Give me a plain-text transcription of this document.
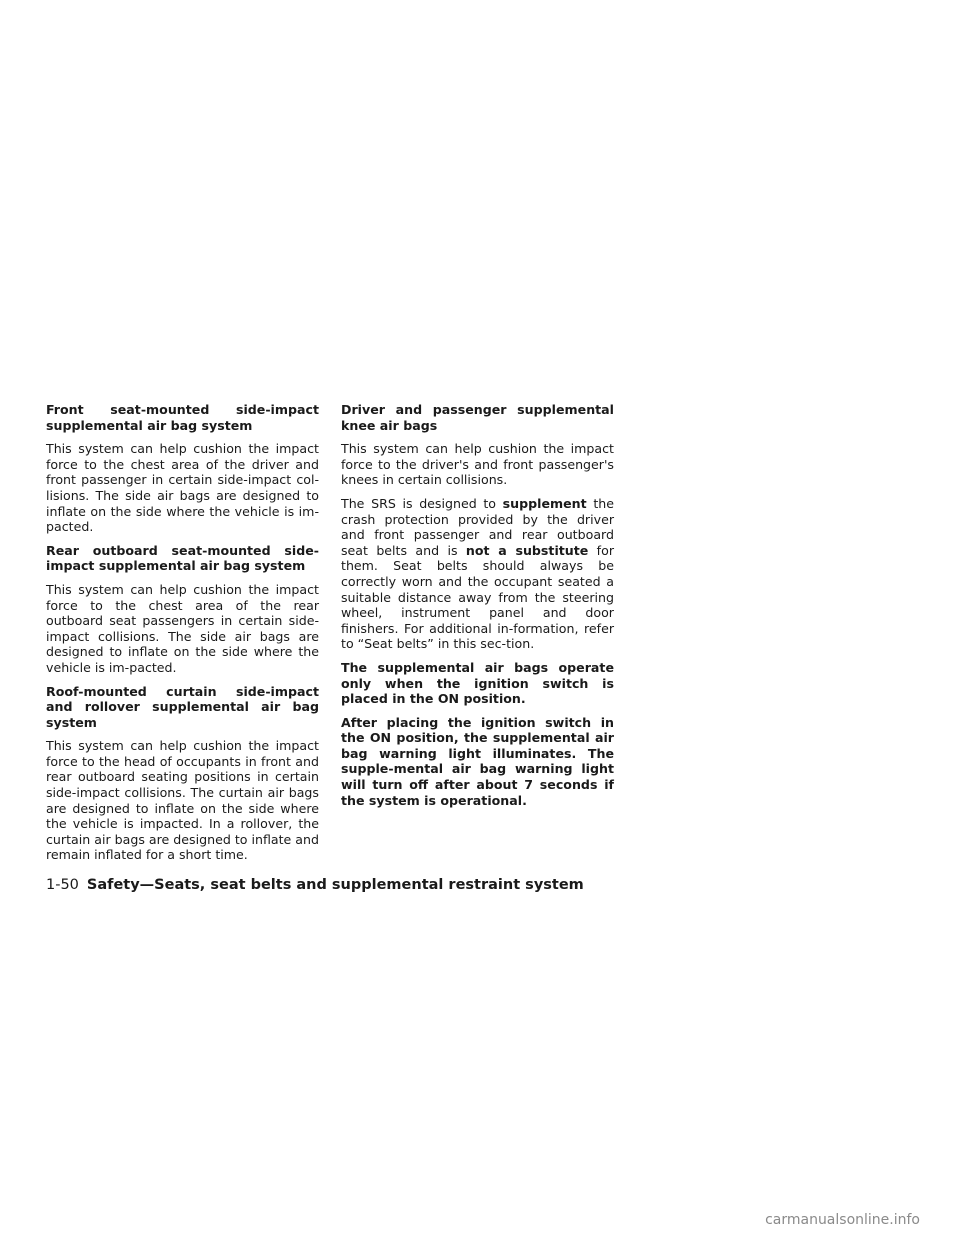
Front seat-mounted side-impact supplemental air bag system

This system can help cushion the impact force to the chest area of the driver and front passenger in certain side-impact col-lisions. The side air bags are designed to inflate on the side where the vehicle is im-pacted.

Rear outboard seat-mounted side-impact supplemental air bag system

This system can help cushion the impact force to the chest area of the rear outboard seat passengers in certain side-impact collisions. The side air bags are designed to inflate on the side where the vehicle is im-pacted.

Roof-mounted curtain side-impact and rollover supplemental air bag system

This system can help cushion the impact force to the head of occupants in front and rear outboard seating positions in certain side-impact collisions. The curtain air bags are designed to inflate on the side where the vehicle is impacted. In a rollover, the curtain air bags are designed to inflate and remain inflated for a short time.

Driver and passenger supplemental knee air bags

This system can help cushion the impact force to the driver's and front passenger's knees in certain collisions.

The SRS is designed to supplement the crash protection provided by the driver and front passenger and rear outboard seat belts and is not a substitute for them. Seat belts should always be correctly worn and the occupant seated a suitable distance away from the steering wheel, instrument panel and door finishers. For additional in-formation, refer to “Seat belts” in this sec-tion.

The supplemental air bags operate only when the ignition switch is placed in the ON position.

After placing the ignition switch in the ON position, the supplemental air bag warning light illuminates. The supple-mental air bag warning light will turn off after about 7 seconds if the system is operational.

1-50 Safety—Seats, seat belts and supplemental restraint system
carmanualsonline.info
